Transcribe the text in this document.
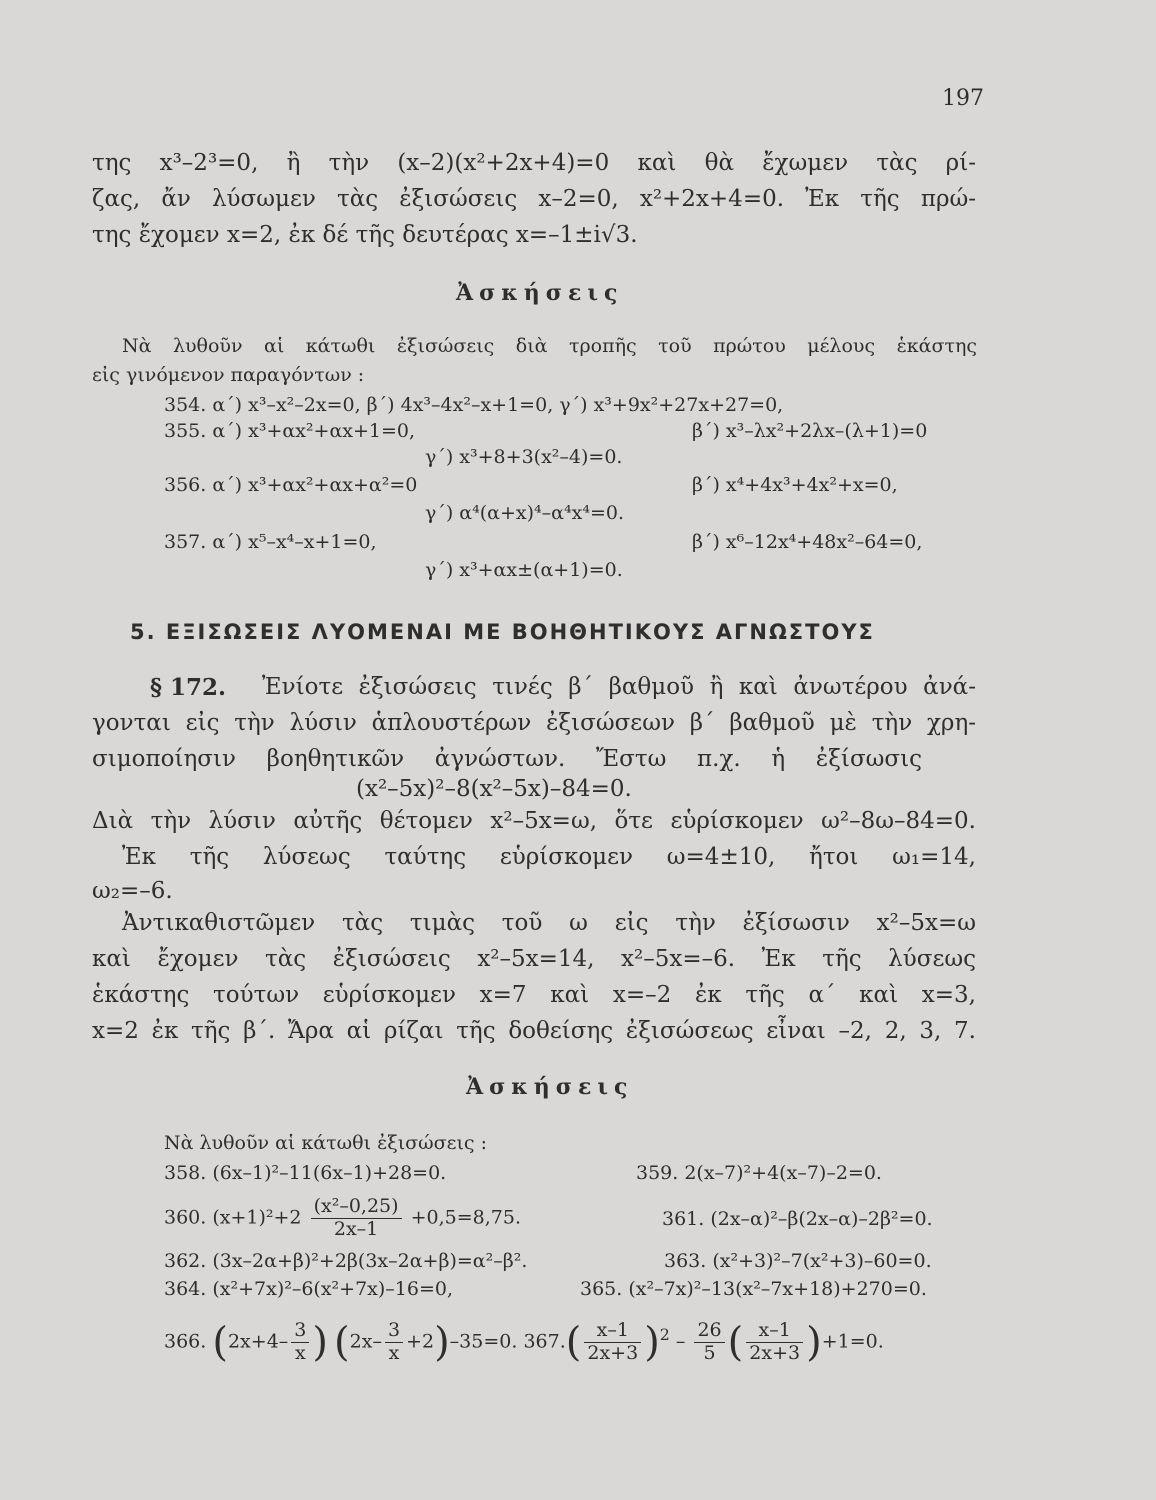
197
της x³–2³=0, ἢ τὴν (x–2)(x²+2x+4)=0 καὶ θὰ ἔχωμεν τὰς ρί-
ζας, ἄν λύσωμεν τὰς ἐξισώσεις x–2=0, x²+2x+4=0. Ἐκ τῆς πρώ-
της ἔχομεν x=2, ἐκ δέ τῆς δευτέρας x=–1±i√3.
Ἀσκήσεις
Νὰ λυθοῦν αἱ κάτωθι ἐξισώσεις διὰ τροπῆς τοῦ πρώτου μέλους ἑκάστης
εἰς γινόμενον παραγόντων :
354. α΄) x³–x²–2x=0, β΄) 4x³–4x²–x+1=0, γ΄) x³+9x²+27x+27=0,
355. α΄) x³+αx²+αx+1=0,	β΄) x³–λx²+2λx–(λ+1)=0
γ΄) x³+8+3(x²–4)=0.
356. α΄) x³+αx²+αx+α²=0	β΄) x⁴+4x³+4x²+x=0,
γ΄) α⁴(α+x)⁴–α⁴x⁴=0.
357. α΄) x⁵–x⁴–x+1=0,	β΄) x⁶–12x⁴+48x²–64=0,
γ΄) x³+αx±(α+1)=0.
5. ΕΞΙΣΩΣΕΙΣ ΛΥΟΜΕΝΑΙ ΜΕ ΒΟΗΘΗΤΙΚΟΥΣ ΑΓΝΩΣΤΟΥΣ
§ 172. Ἐνίοτε ἐξισώσεις τινές β΄ βαθμοῦ ἢ καὶ ἀνωτέρου ἀνά-
γονται εἰς τὴν λύσιν ἁπλουστέρων ἐξισώσεων β΄ βαθμοῦ μὲ τὴν χρη-
σιμοποίησιν βοηθητικῶν ἀγνώστων. Ἔστω π.χ. ἡ ἐξίσωσις
(x²–5x)²–8(x²–5x)–84=0.
Διὰ τὴν λύσιν αὐτῆς θέτομεν x²–5x=ω, ὅτε εὑρίσκομεν ω²–8ω–84=0.
Ἐκ τῆς λύσεως ταύτης εὑρίσκομεν ω=4±10, ἤτοι ω₁=14,
ω₂=–6.
Ἀντικαθιστῶμεν τὰς τιμὰς τοῦ ω εἰς τὴν ἐξίσωσιν x²–5x=ω
καὶ ἔχομεν τὰς ἐξισώσεις x²–5x=14, x²–5x=–6. Ἐκ τῆς λύσεως
ἑκάστης τούτων εὑρίσκομεν x=7 καὶ x=–2 ἐκ τῆς α΄ καὶ x=3,
x=2 ἐκ τῆς β΄. Ἄρα αἱ ρίζαι τῆς δοθείσης ἐξισώσεως εἶναι –2, 2, 3, 7.
Ἀσκήσεις
Νὰ λυθοῦν αἱ κάτωθι ἐξισώσεις :
358. (6x–1)²–11(6x–1)+28=0.	359. 2(x–7)²+4(x–7)–2=0.
360. $(x+1)^2+2 \frac{\text{(x²–0,25)}}{2x-1} +0,5=8,75$.	361. (2x–α)²–β(2x–α)–2β²=0.
362. (3x–2α+β)²+2β(3x–2α+β)=α²–β².	363. (x²+3)²–7(x²+3)–60=0.
364. (x²+7x)²–6(x²+7x)–16=0,	365. (x²–7x)²–13(x²–7x+18)+270=0.
366. ($2x+4- \frac{3}{x}$ ) $(2x- \frac{3}{x} +2)-35=0$. $367.( \frac{x-1}{2x+3} )^2 - \frac{26}{5}$ ( $\frac{x-1}{2x+3} )+1=0$.
